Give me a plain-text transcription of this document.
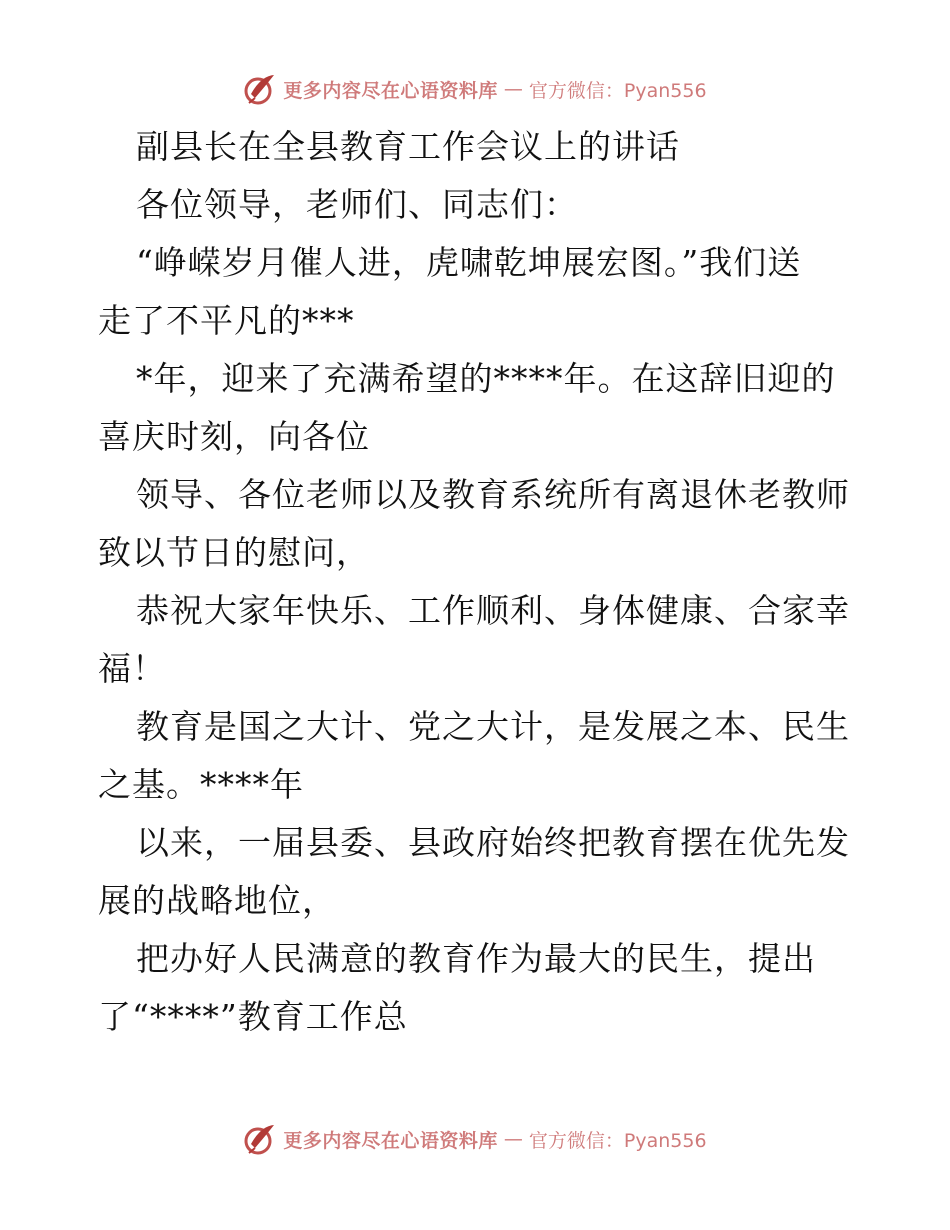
更多内容尽在心语资料库 — 官方微信：Pyan556
副县长在全县教育工作会议上的讲话
各位领导，老师们、同志们：
“峥嵘岁月催人进，虎啸乾坤展宏图。”我们送
走了不平凡的***
*年，迎来了充满希望的****年。在这辞旧迎的
喜庆时刻，向各位
领导、各位老师以及教育系统所有离退休老教师
致以节日的慰问，
恭祝大家年快乐、工作顺利、身体健康、合家幸
福！
教育是国之大计、党之大计，是发展之本、民生
之基。****年
以来，一届县委、县政府始终把教育摆在优先发
展的战略地位，
把办好人民满意的教育作为最大的民生，提出
了“****”教育工作总
更多内容尽在心语资料库 — 官方微信：Pyan556
